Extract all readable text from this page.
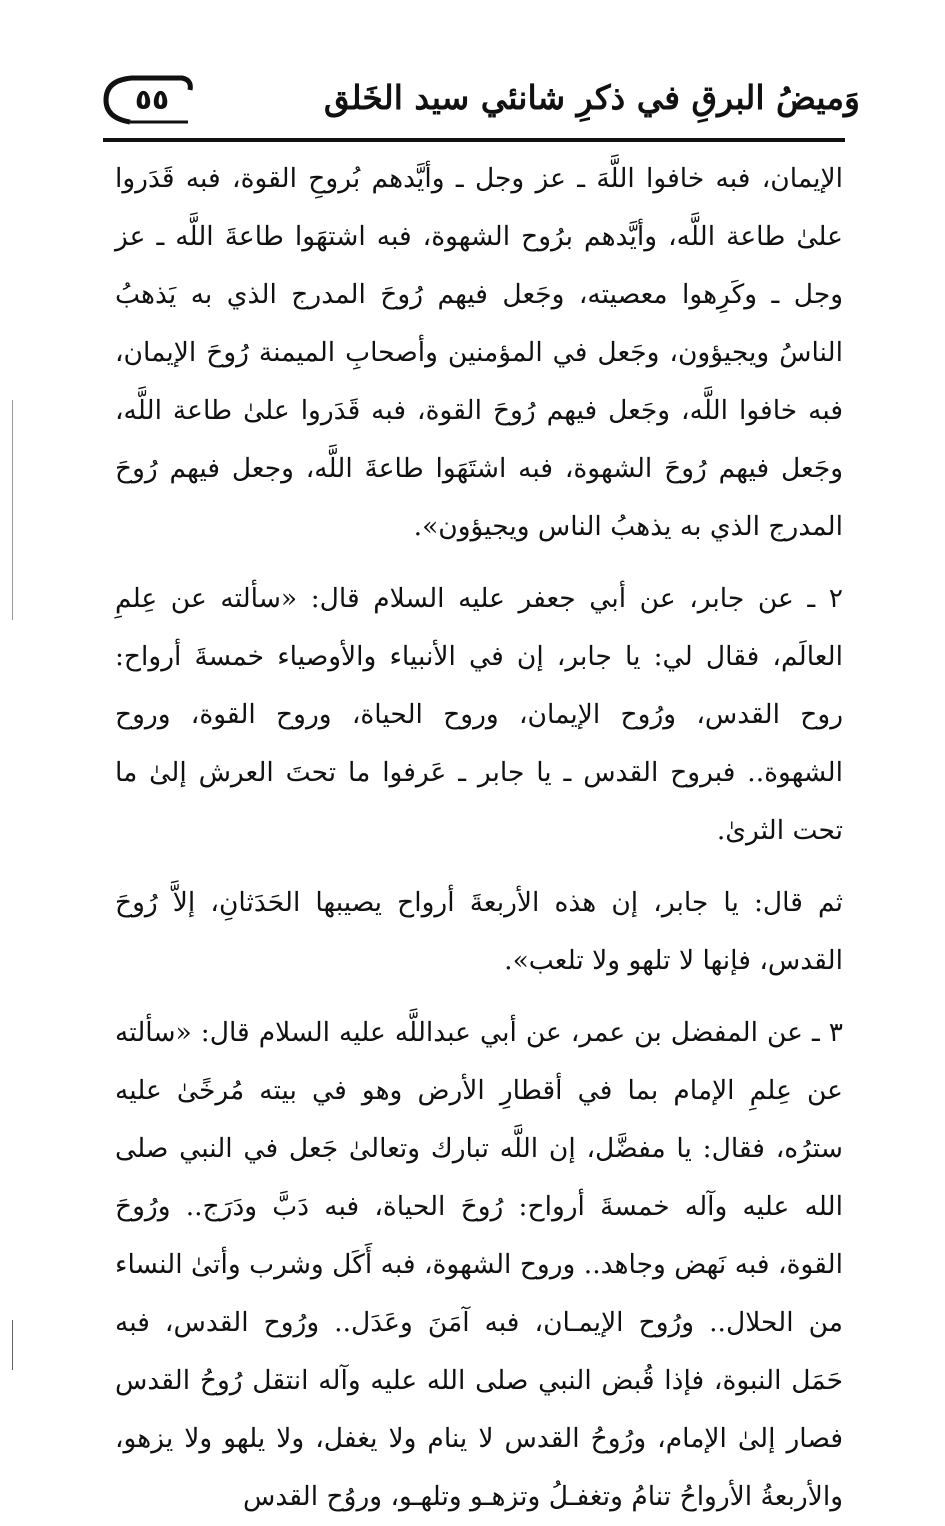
وَميضُ البرقِ في ذكرِ شانئي سيد الخَلق
٥٥

الإيمان، فبه خافوا اللَّهَ ـ عز وجل ـ وأيَّدهم بُروحِ القوة، فبه قَدَروا علىٰ طاعة اللَّه، وأيَّدهم برُوح الشهوة، فبه اشتهَوا طاعةَ اللَّه ـ عز وجل ـ وكَرِهوا معصيته، وجَعل فيهم رُوحَ المدرج الذي به يَذهبُ الناسُ ويجيؤون، وجَعل في المؤمنين وأصحابِ الميمنة رُوحَ الإيمان، فبه خافوا اللَّه، وجَعل فيهم رُوحَ القوة، فبه قَدَروا علىٰ طاعة اللَّه، وجَعل فيهم رُوحَ الشهوة، فبه اشتَهَوا طاعةَ اللَّه، وجعل فيهم رُوحَ المدرج الذي به يذهبُ الناس ويجيؤون».

٢ ـ عن جابر، عن أبي جعفر عليه السلام قال: «سألته عن عِلمِ العالَم، فقال لي: يا جابر، إن في الأنبياء والأوصياء خمسةَ أرواح: روح القدس، ورُوح الإيمان، وروح الحياة، وروح القوة، وروح الشهوة.. فبروح القدس ـ يا جابر ـ عَرفوا ما تحتَ العرش إلىٰ ما تحت الثرىٰ.

ثم قال: يا جابر، إن هذه الأربعةَ أرواح يصيبها الحَدَثانِ، إلاَّ رُوحَ القدس، فإنها لا تلهو ولا تلعب».

٣ ـ عن المفضل بن عمر، عن أبي عبداللَّه عليه السلام قال: «سألته عن عِلمِ الإمام بما في أقطارِ الأرض وهو في بيته مُرخًىٰ عليه سترُه، فقال: يا مفضَّل، إن اللَّه تبارك وتعالىٰ جَعل في النبي صلى الله عليه وآله خمسةَ أرواح: رُوحَ الحياة، فبه دَبَّ ودَرَج.. ورُوحَ القوة، فبه نَهض وجاهد.. وروح الشهوة، فبه أَكَل وشرب وأتىٰ النساء من الحلال.. ورُوح الإيمـان، فبه آمَنَ وعَدَل.. ورُوح القدس، فبه حَمَل النبوة، فإذا قُبض النبي صلى الله عليه وآله انتقل رُوحُ القدس فصار إلىٰ الإمام، ورُوحُ القدس لا ينام ولا يغفل، ولا يلهو ولا يزهو، والأربعةُ الأرواحُ تنامُ وتغفـلُ وتزهـو وتلهـو، وروُح القدس
